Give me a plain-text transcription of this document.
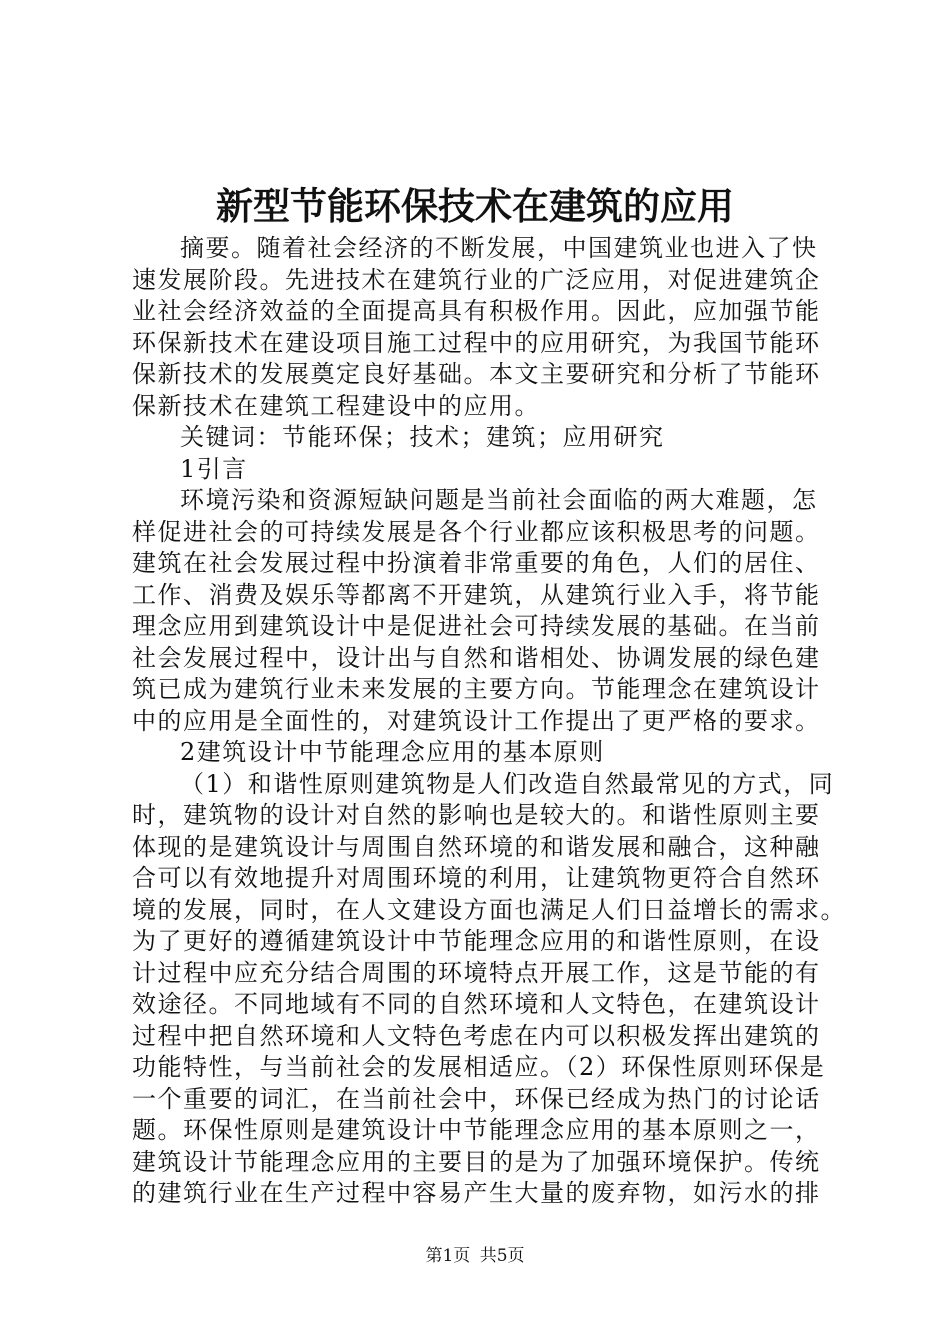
新型节能环保技术在建筑的应用
摘要。随着社会经济的不断发展，中国建筑业也进入了快
速发展阶段。先进技术在建筑行业的广泛应用，对促进建筑企
业社会经济效益的全面提高具有积极作用。因此，应加强节能
环保新技术在建设项目施工过程中的应用研究，为我国节能环
保新技术的发展奠定良好基础。本文主要研究和分析了节能环
保新技术在建筑工程建设中的应用。
关键词：节能环保；技术；建筑；应用研究
1引言
环境污染和资源短缺问题是当前社会面临的两大难题，怎
样促进社会的可持续发展是各个行业都应该积极思考的问题。
建筑在社会发展过程中扮演着非常重要的角色，人们的居住、
工作、消费及娱乐等都离不开建筑，从建筑行业入手，将节能
理念应用到建筑设计中是促进社会可持续发展的基础。在当前
社会发展过程中，设计出与自然和谐相处、协调发展的绿色建
筑已成为建筑行业未来发展的主要方向。节能理念在建筑设计
中的应用是全面性的，对建筑设计工作提出了更严格的要求。
2建筑设计中节能理念应用的基本原则
（1）和谐性原则建筑物是人们改造自然最常见的方式，同
时，建筑物的设计对自然的影响也是较大的。和谐性原则主要
体现的是建筑设计与周围自然环境的和谐发展和融合，这种融
合可以有效地提升对周围环境的利用，让建筑物更符合自然环
境的发展，同时，在人文建设方面也满足人们日益增长的需求。
为了更好的遵循建筑设计中节能理念应用的和谐性原则，在设
计过程中应充分结合周围的环境特点开展工作，这是节能的有
效途径。不同地域有不同的自然环境和人文特色，在建筑设计
过程中把自然环境和人文特色考虑在内可以积极发挥出建筑的
功能特性，与当前社会的发展相适应。（2）环保性原则环保是
一个重要的词汇，在当前社会中，环保已经成为热门的讨论话
题。环保性原则是建筑设计中节能理念应用的基本原则之一，
建筑设计节能理念应用的主要目的是为了加强环境保护。传统
的建筑行业在生产过程中容易产生大量的废弃物，如污水的排
第1页 共5页
